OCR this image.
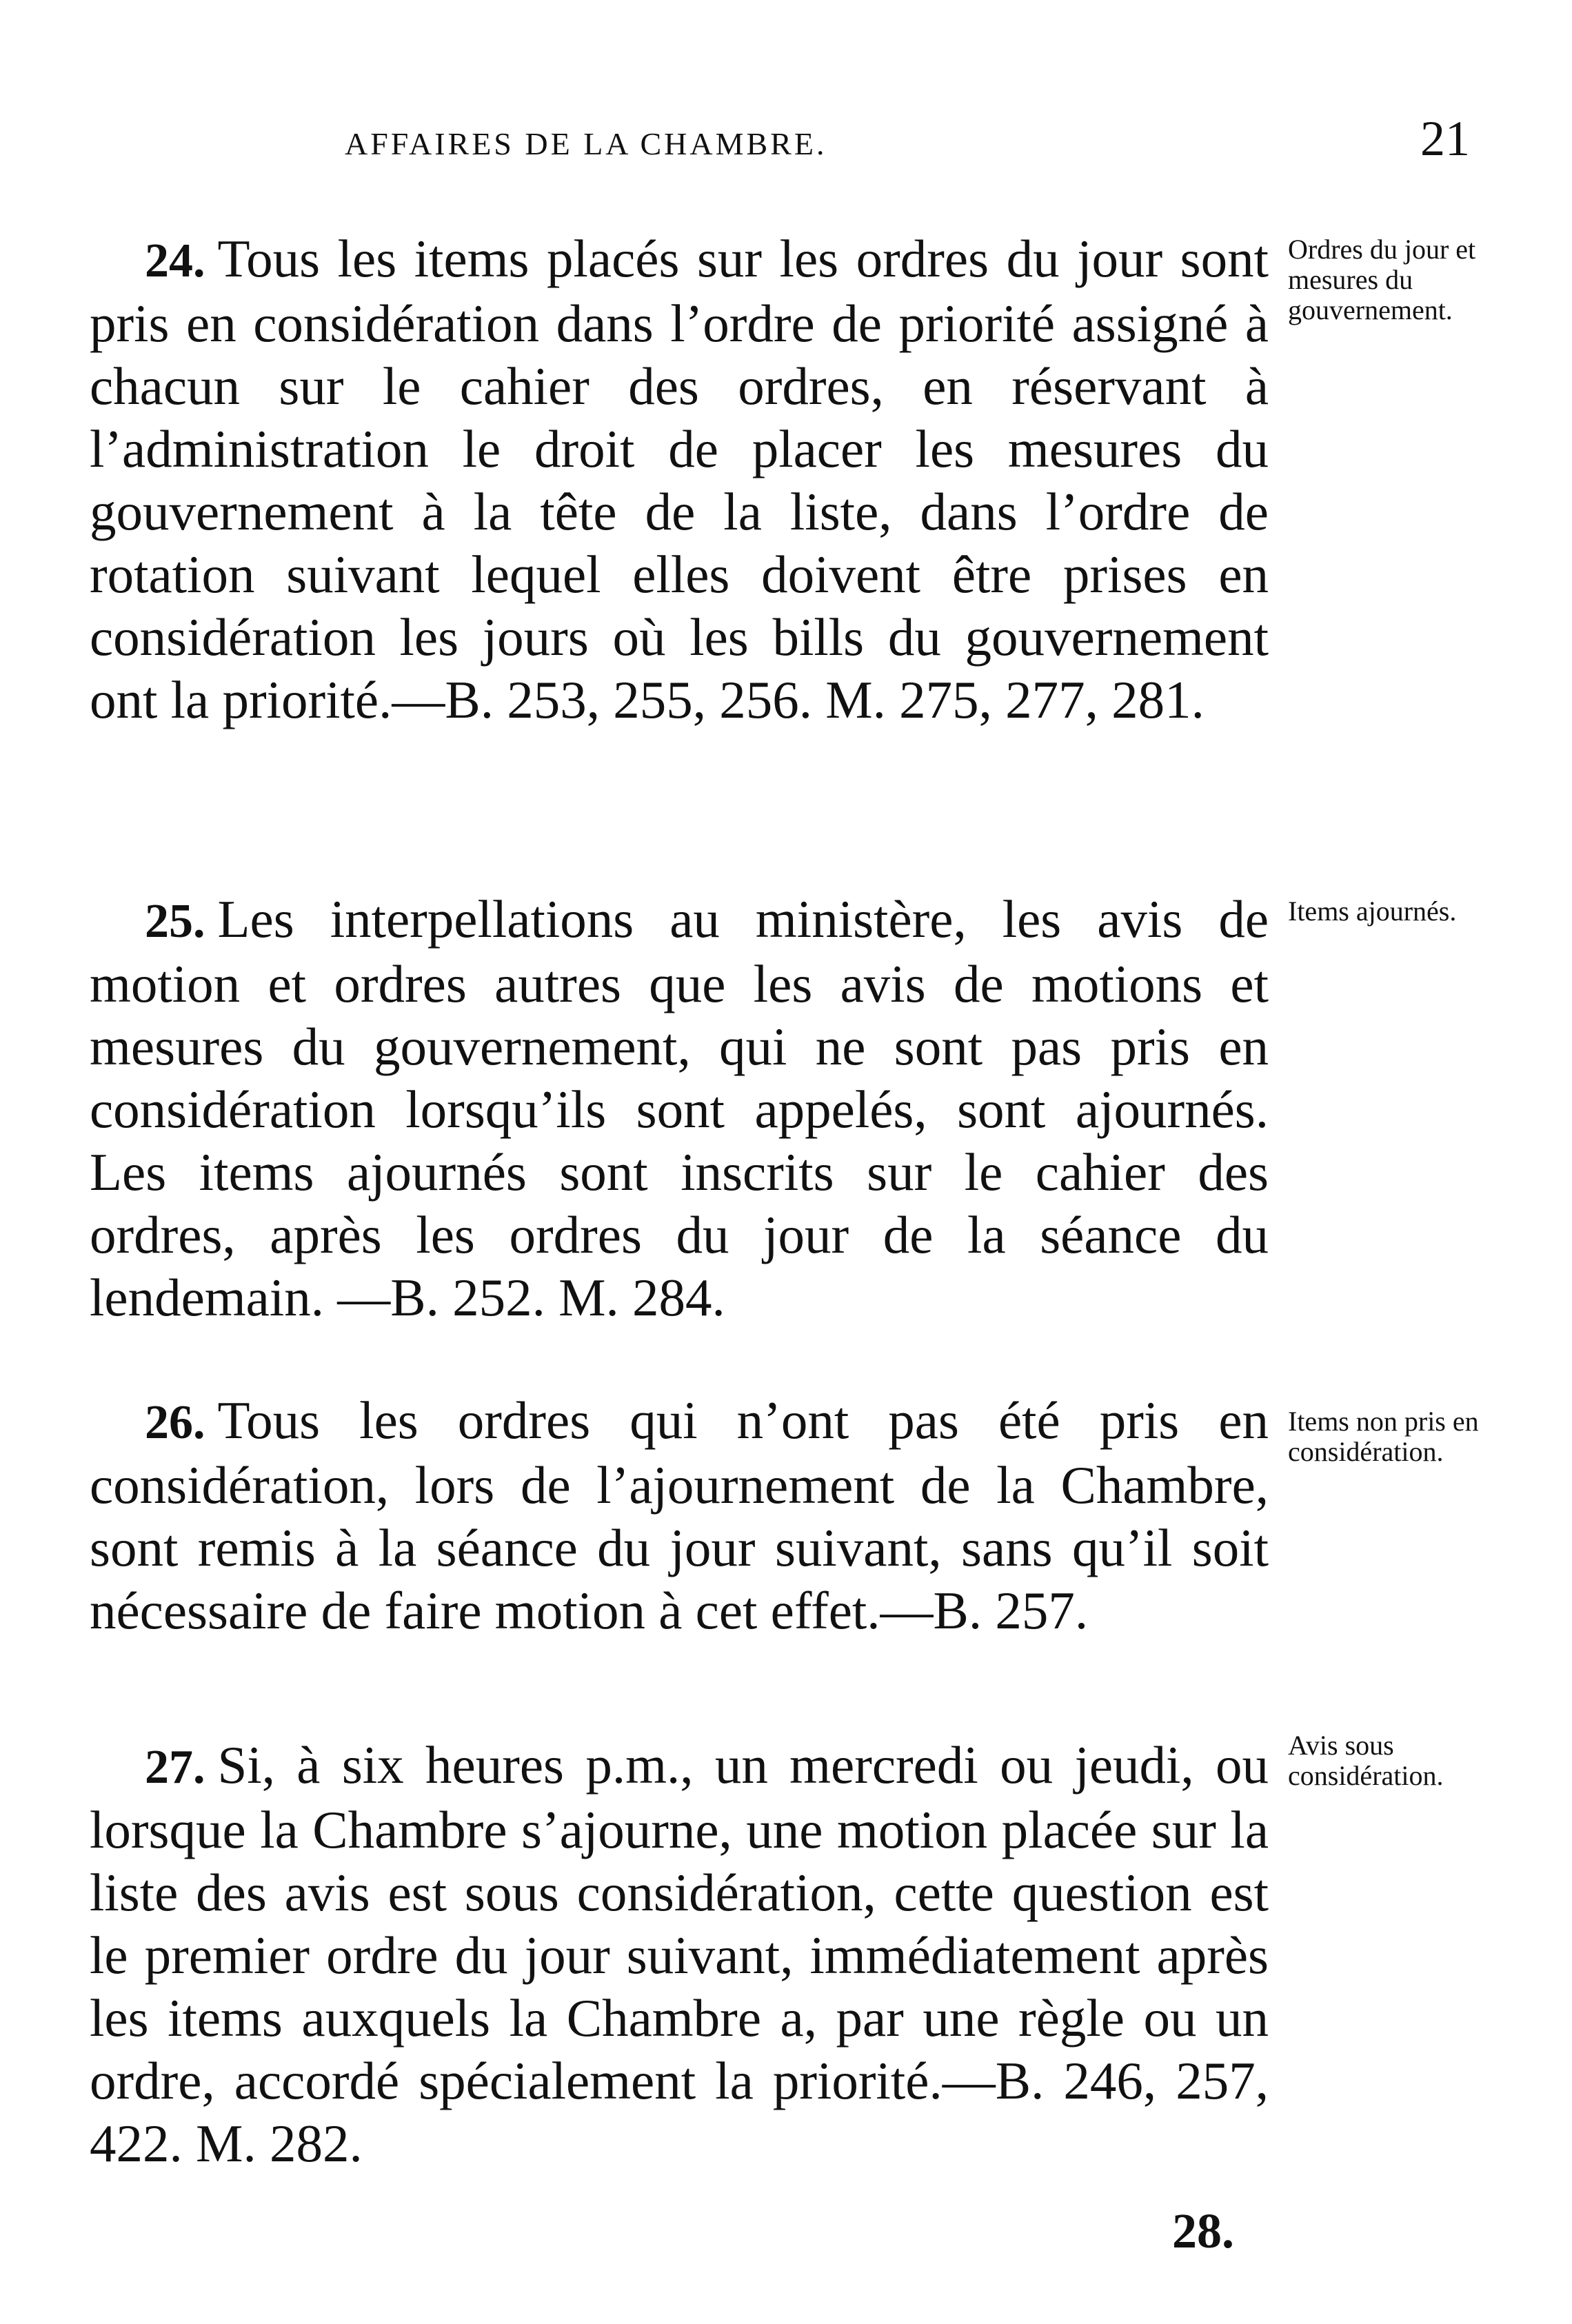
AFFAIRES DE LA CHAMBRE.	21

24. Tous les items placés sur les ordres du jour sont pris en considération dans l’ordre de priorité assigné à chacun sur le cahier des ordres, en réservant à l’administration le droit de placer les mesures du gouvernement à la tête de la liste, dans l’ordre de rotation suivant lequel elles doivent être prises en considération les jours où les bills du gouvernement ont la priorité.—B. 253, 255, 256. M. 275, 277, 281.

25. Les interpellations au ministère, les avis de motion et ordres autres que les avis de motions et mesures du gouvernement, qui ne sont pas pris en considération lorsqu’ils sont appelés, sont ajournés. Les items ajournés sont inscrits sur le cahier des ordres, après les ordres du jour de la séance du lendemain. —B. 252. M. 284.

26. Tous les ordres qui n’ont pas été pris en considération, lors de l’ajournement de la Chambre, sont remis à la séance du jour suivant, sans qu’il soit nécessaire de faire motion à cet effet.—B. 257.

27. Si, à six heures p.m., un mercredi ou jeudi, ou lorsque la Chambre s’ajourne, une motion placée sur la liste des avis est sous considération, cette question est le premier ordre du jour suivant, immédiatement après les items auxquels la Chambre a, par une règle ou un ordre, accordé spécialement la priorité.—B. 246, 257, 422. M. 282.

Ordres du jour et mesures du gouvernement.
Items ajournés.
Items non pris en considération.
Avis sous considération.
28.
